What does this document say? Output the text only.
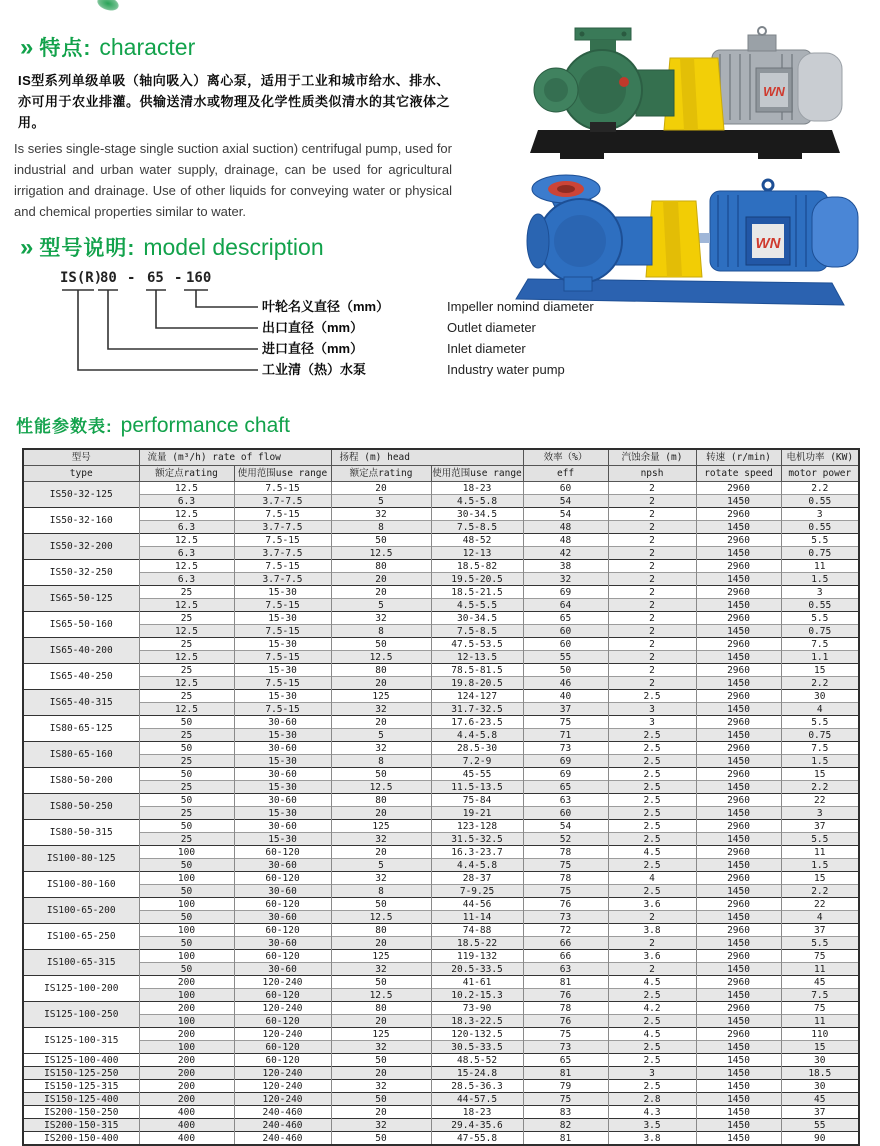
» 特点: character
IS型系列单级单吸（轴向吸入）离心泵，适用于工业和城市给水、排水、亦可用于农业排灌。供输送清水或物理及化学性质类似清水的其它液体之用。
Is series single-stage single suction axial suction) centrifugal pump, used for industrial and urban water supply, drainage, can be used for agricultural irrigation and drainage. Use of other liquids for conveying water or physical and chemical properties similar to water.
WN
WN
» 型号说明: model description
IS(R)
80 - 65 - 160
叶轮名义直径（mm）	Impeller nomind diameter
出口直径（mm）	Outlet diameter
进口直径（mm）	Inlet diameter
工业清（热）水泵	Industry water pump
性能参数表: performance chaft
型号	流量 (m³/h) rate of flow		扬程 (m) head		效率（%）	汽蚀余量 (m)	转速 (r/min)	电机功率 (KW)
type	额定点rating	使用范围use range	额定点rating	使用范围use range	eff	npsh	rotate speed	motor power
IS50-32-125	12.5	7.5-15	20	18-23	60	2	2960	2.2
	6.3	3.7-7.5	5	4.5-5.8	54	2	1450	0.55
IS50-32-160	12.5	7.5-15	32	30-34.5	54	2	2960	3
	6.3	3.7-7.5	8	7.5-8.5	48	2	1450	0.55
IS50-32-200	12.5	7.5-15	50	48-52	48	2	2960	5.5
	6.3	3.7-7.5	12.5	12-13	42	2	1450	0.75
IS50-32-250	12.5	7.5-15	80	18.5-82	38	2	2960	11
	6.3	3.7-7.5	20	19.5-20.5	32	2	1450	1.5
IS65-50-125	25	15-30	20	18.5-21.5	69	2	2960	3
	12.5	7.5-15	5	4.5-5.5	64	2	1450	0.55
IS65-50-160	25	15-30	32	30-34.5	65	2	2960	5.5
	12.5	7.5-15	8	7.5-8.5	60	2	1450	0.75
IS65-40-200	25	15-30	50	47.5-53.5	60	2	2960	7.5
	12.5	7.5-15	12.5	12-13.5	55	2	1450	1.1
IS65-40-250	25	15-30	80	78.5-81.5	50	2	2960	15
	12.5	7.5-15	20	19.8-20.5	46	2	1450	2.2
IS65-40-315	25	15-30	125	124-127	40	2.5	2960	30
	12.5	7.5-15	32	31.7-32.5	37	3	1450	4
IS80-65-125	50	30-60	20	17.6-23.5	75	3	2960	5.5
	25	15-30	5	4.4-5.8	71	2.5	1450	0.75
IS80-65-160	50	30-60	32	28.5-30	73	2.5	2960	7.5
	25	15-30	8	7.2-9	69	2.5	1450	1.5
IS80-50-200	50	30-60	50	45-55	69	2.5	2960	15
	25	15-30	12.5	11.5-13.5	65	2.5	1450	2.2
IS80-50-250	50	30-60	80	75-84	63	2.5	2960	22
	25	15-30	20	19-21	60	2.5	1450	3
IS80-50-315	50	30-60	125	123-128	54	2.5	2960	37
	25	15-30	32	31.5-32.5	52	2.5	1450	5.5
IS100-80-125	100	60-120	20	16.3-23.7	78	4.5	2960	11
	50	30-60	5	4.4-5.8	75	2.5	1450	1.5
IS100-80-160	100	60-120	32	28-37	78	4	2960	15
	50	30-60	8	7-9.25	75	2.5	1450	2.2
IS100-65-200	100	60-120	50	44-56	76	3.6	2960	22
	50	30-60	12.5	11-14	73	2	1450	4
IS100-65-250	100	60-120	80	74-88	72	3.8	2960	37
	50	30-60	20	18.5-22	66	2	1450	5.5
IS100-65-315	100	60-120	125	119-132	66	3.6	2960	75
	50	30-60	32	20.5-33.5	63	2	1450	11
IS125-100-200	200	120-240	50	41-61	81	4.5	2960	45
	100	60-120	12.5	10.2-15.3	76	2.5	1450	7.5
IS125-100-250	200	120-240	80	73-90	78	4.2	2960	75
	100	60-120	20	18.3-22.5	76	2.5	1450	11
IS125-100-315	200	120-240	125	120-132.5	75	4.5	2960	110
	100	60-120	32	30.5-33.5	73	2.5	1450	15
IS125-100-400	200	60-120	50	48.5-52	65	2.5	1450	30
IS150-125-250	200	120-240	20	15-24.8	81	3	1450	18.5
IS150-125-315	200	120-240	32	28.5-36.3	79	2.5	1450	30
IS150-125-400	200	120-240	50	44-57.5	75	2.8	1450	45
IS200-150-250	400	240-460	20	18-23	83	4.3	1450	37
IS200-150-315	400	240-460	32	29.4-35.6	82	3.5	1450	55
IS200-150-400	400	240-460	50	47-55.8	81	3.8	1450	90
